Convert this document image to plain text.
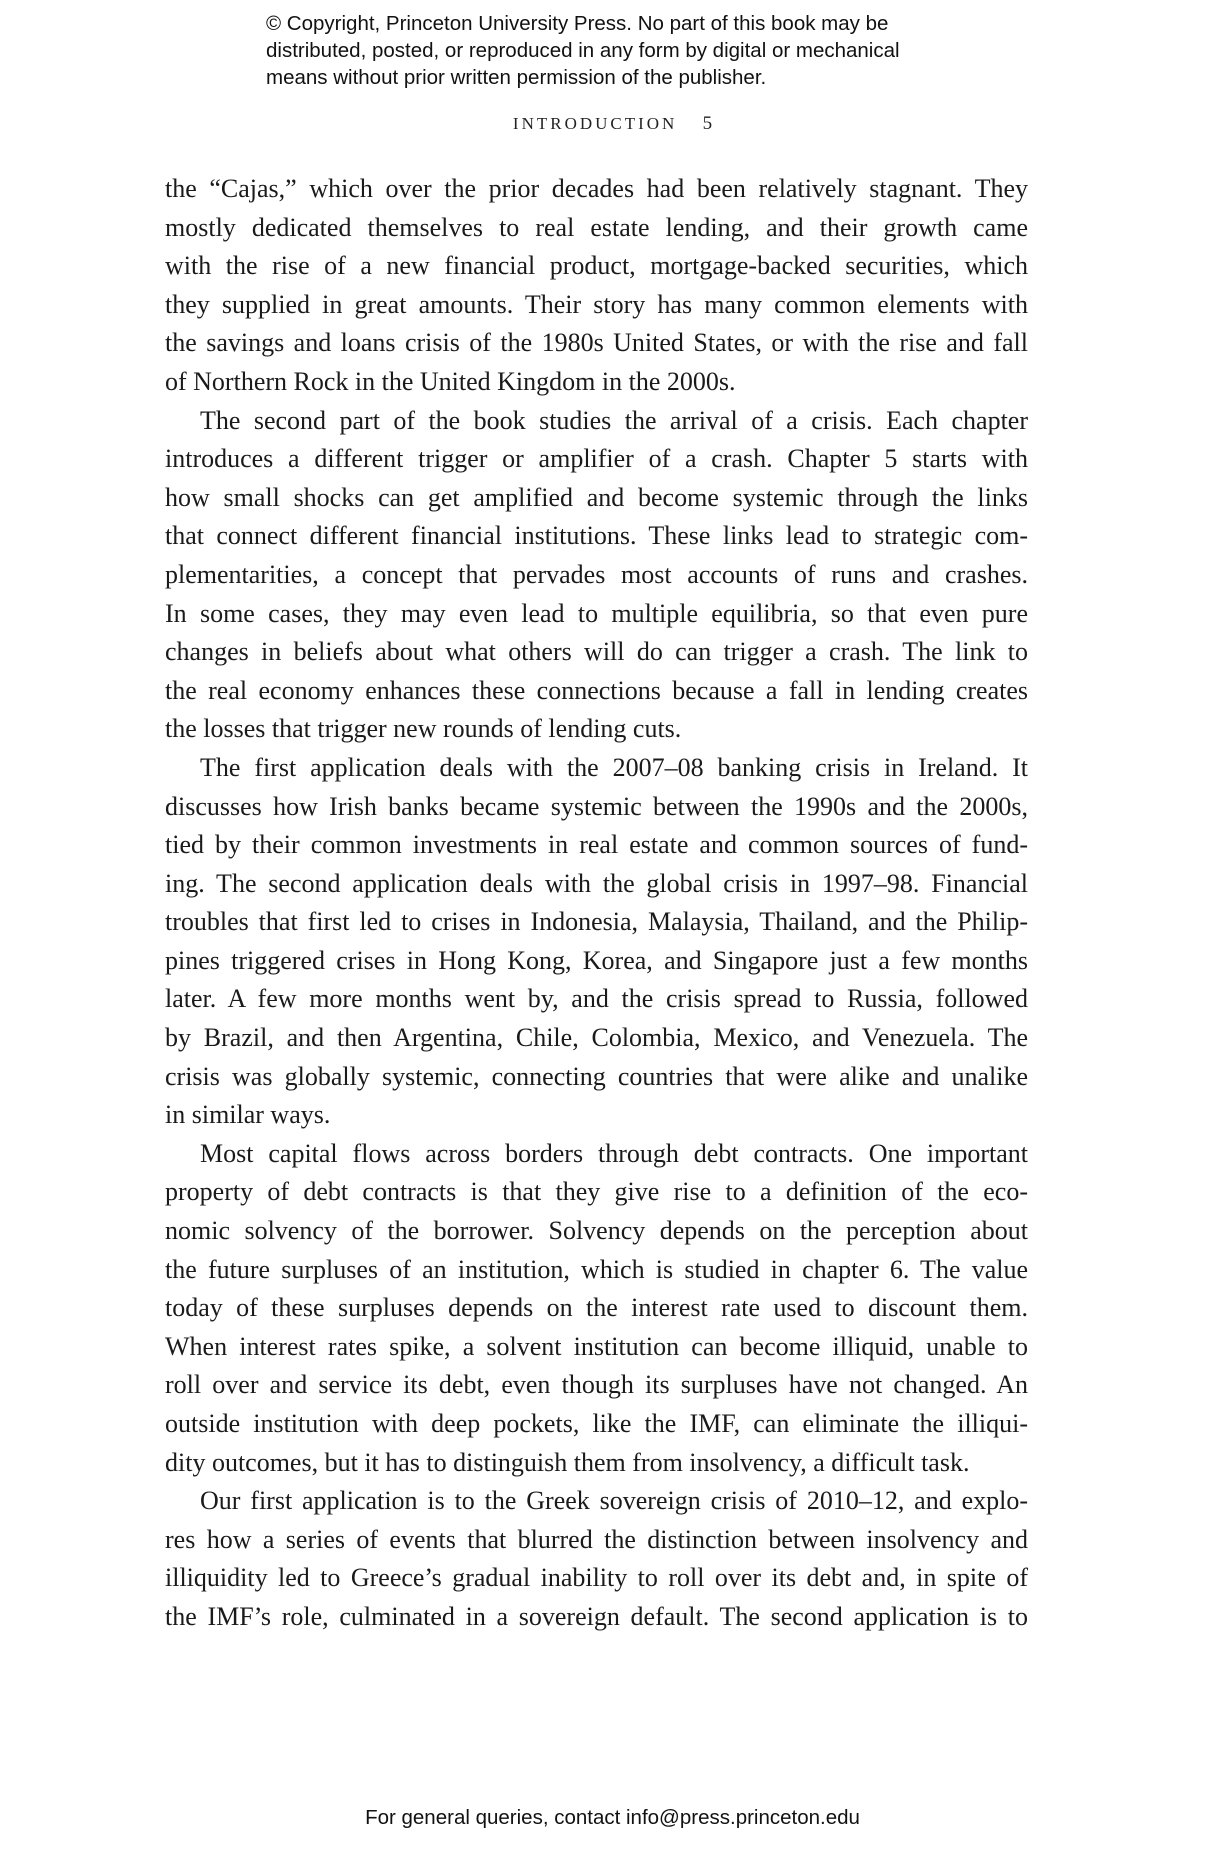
© Copyright, Princeton University Press. No part of this book may be
distributed, posted, or reproduced in any form by digital or mechanical
means without prior written permission of the publisher.
INTRODUCTION 5
the “Cajas,” which over the prior decades had been relatively stagnant. They
mostly dedicated themselves to real estate lending, and their growth came
with the rise of a new financial product, mortgage-backed securities, which
they supplied in great amounts. Their story has many common elements with
the savings and loans crisis of the 1980s United States, or with the rise and fall
of Northern Rock in the United Kingdom in the 2000s.
The second part of the book studies the arrival of a crisis. Each chapter
introduces a different trigger or amplifier of a crash. Chapter 5 starts with
how small shocks can get amplified and become systemic through the links
that connect different financial institutions. These links lead to strategic com-
plementarities, a concept that pervades most accounts of runs and crashes.
In some cases, they may even lead to multiple equilibria, so that even pure
changes in beliefs about what others will do can trigger a crash. The link to
the real economy enhances these connections because a fall in lending creates
the losses that trigger new rounds of lending cuts.
The first application deals with the 2007–08 banking crisis in Ireland. It
discusses how Irish banks became systemic between the 1990s and the 2000s,
tied by their common investments in real estate and common sources of fund-
ing. The second application deals with the global crisis in 1997–98. Financial
troubles that first led to crises in Indonesia, Malaysia, Thailand, and the Philip-
pines triggered crises in Hong Kong, Korea, and Singapore just a few months
later. A few more months went by, and the crisis spread to Russia, followed
by Brazil, and then Argentina, Chile, Colombia, Mexico, and Venezuela. The
crisis was globally systemic, connecting countries that were alike and unalike
in similar ways.
Most capital flows across borders through debt contracts. One important
property of debt contracts is that they give rise to a definition of the eco-
nomic solvency of the borrower. Solvency depends on the perception about
the future surpluses of an institution, which is studied in chapter 6. The value
today of these surpluses depends on the interest rate used to discount them.
When interest rates spike, a solvent institution can become illiquid, unable to
roll over and service its debt, even though its surpluses have not changed. An
outside institution with deep pockets, like the IMF, can eliminate the illiqui-
dity outcomes, but it has to distinguish them from insolvency, a difficult task.
Our first application is to the Greek sovereign crisis of 2010–12, and explo-
res how a series of events that blurred the distinction between insolvency and
illiquidity led to Greece’s gradual inability to roll over its debt and, in spite of
the IMF’s role, culminated in a sovereign default. The second application is to
For general queries, contact info@press.princeton.edu
